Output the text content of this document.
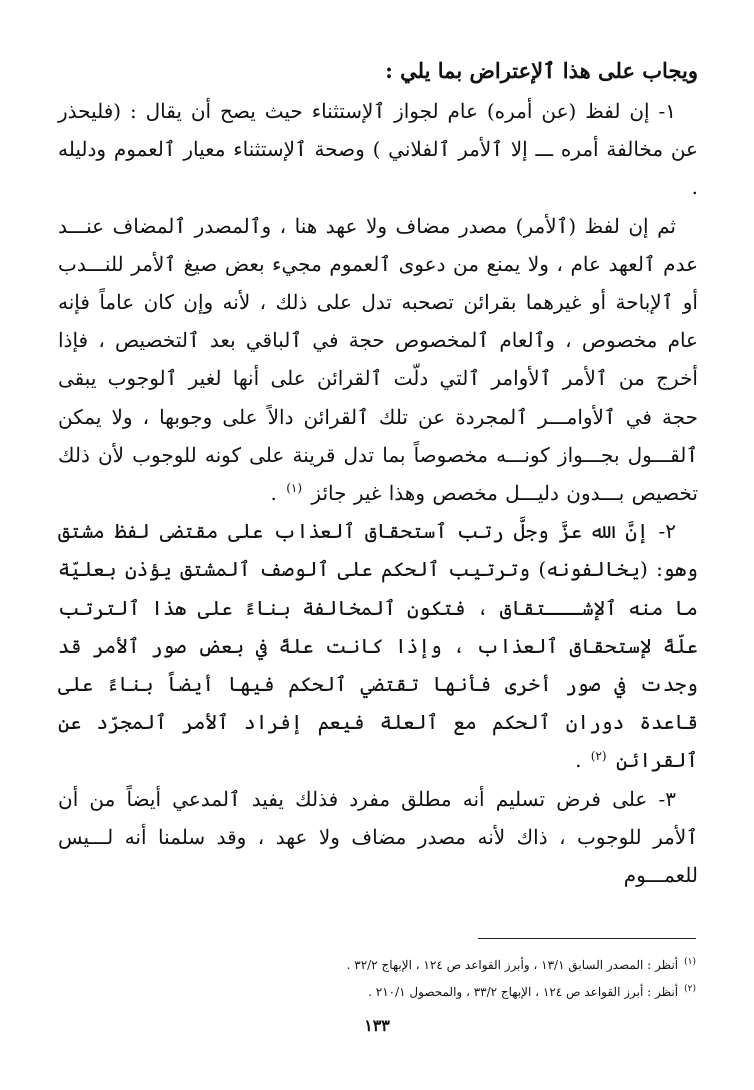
ويجاب على هذا ٱلإعتراض بما يلي :
١- إن لفظ (عن أمره) عام لجواز ٱلإستثناء حيث يصح أن يقال : (فليحذر عن مخالفة أمره ـــ إلا ٱلأمر ٱلفلاني ) وصحة ٱلإستثناء معيار ٱلعموم ودليله .
ثم إن لفظ (ٱلأمر) مصدر مضاف ولا عهد هنا ، وٱلمصدر ٱلمضاف عنـــد عدم ٱلعهد عام ، ولا يمنع من دعوى ٱلعموم مجيء بعض صيغ ٱلأمر للنـــدب أو ٱلإباحة أو غيرهما بقرائن تصحبه تدل على ذلك ، لأنه وإن كان عاماً فإنه عام مخصوص ، وٱلعام ٱلمخصوص حجة في ٱلباقي بعد ٱلتخصيص ، فإذا أخرج من ٱلأمر ٱلأوامر ٱلتي دلّت ٱلقرائن على أنها لغير ٱلوجوب يبقى حجة في ٱلأوامـــر ٱلمجردة عن تلك ٱلقرائن دالاً على وجوبها ، ولا يمكن ٱلقـــول بجـــواز كونـــه مخصوصاً بما تدل قرينة على كونه للوجوب لأن ذلك تخصيص بـــدون دليـــل مخصص وهذا غير جائز $^{(١)}$ .
٢- إنَّ الله عزَّ وجلَّ رتب ٱستحقاق ٱلعذاب على مقتضى لفظ مشتق وهو: (يخالفونه) وترتيب ٱلحكم على ٱلوصف ٱلمشتق يؤذن بعليّة ما منه ٱلإشـــتقاق ، فتكون ٱلمخالفة بناءً على هذا ٱلترتب علّةً لإستحقاق ٱلعذاب ، وإذا كانت علةً في بعض صور ٱلأمر قد وجدت في صور أخرى فأنها تقتضي ٱلحكم فيها أيضاً بناءً على قاعدة دوران ٱلحكم مع ٱلعلة فيعم إفراد ٱلأمر ٱلمجرّد عن ٱلقرائن $^{(٢)}$ .
٣- على فرض تسليم أنه مطلق مفرد فذلك يفيد ٱلمدعي أيضاً من أن ٱلأمر للوجوب ، ذاك لأنه مصدر مضاف ولا عهد ، وقد سلمنا أنه لـــيس للعمـــوم
$^{(١)}$أنظر : المصدر السابق ١٣/١ ، وأبرز القواعد ص ١٢٤ ، الإبهاج ٣٢/٢ .
$^{(٢)}$أنظر : أبرز القواعد ص ١٢٤ ، الإبهاج ٣٣/٢ ، والمحصول ٢١٠/١ .
١٣٣
